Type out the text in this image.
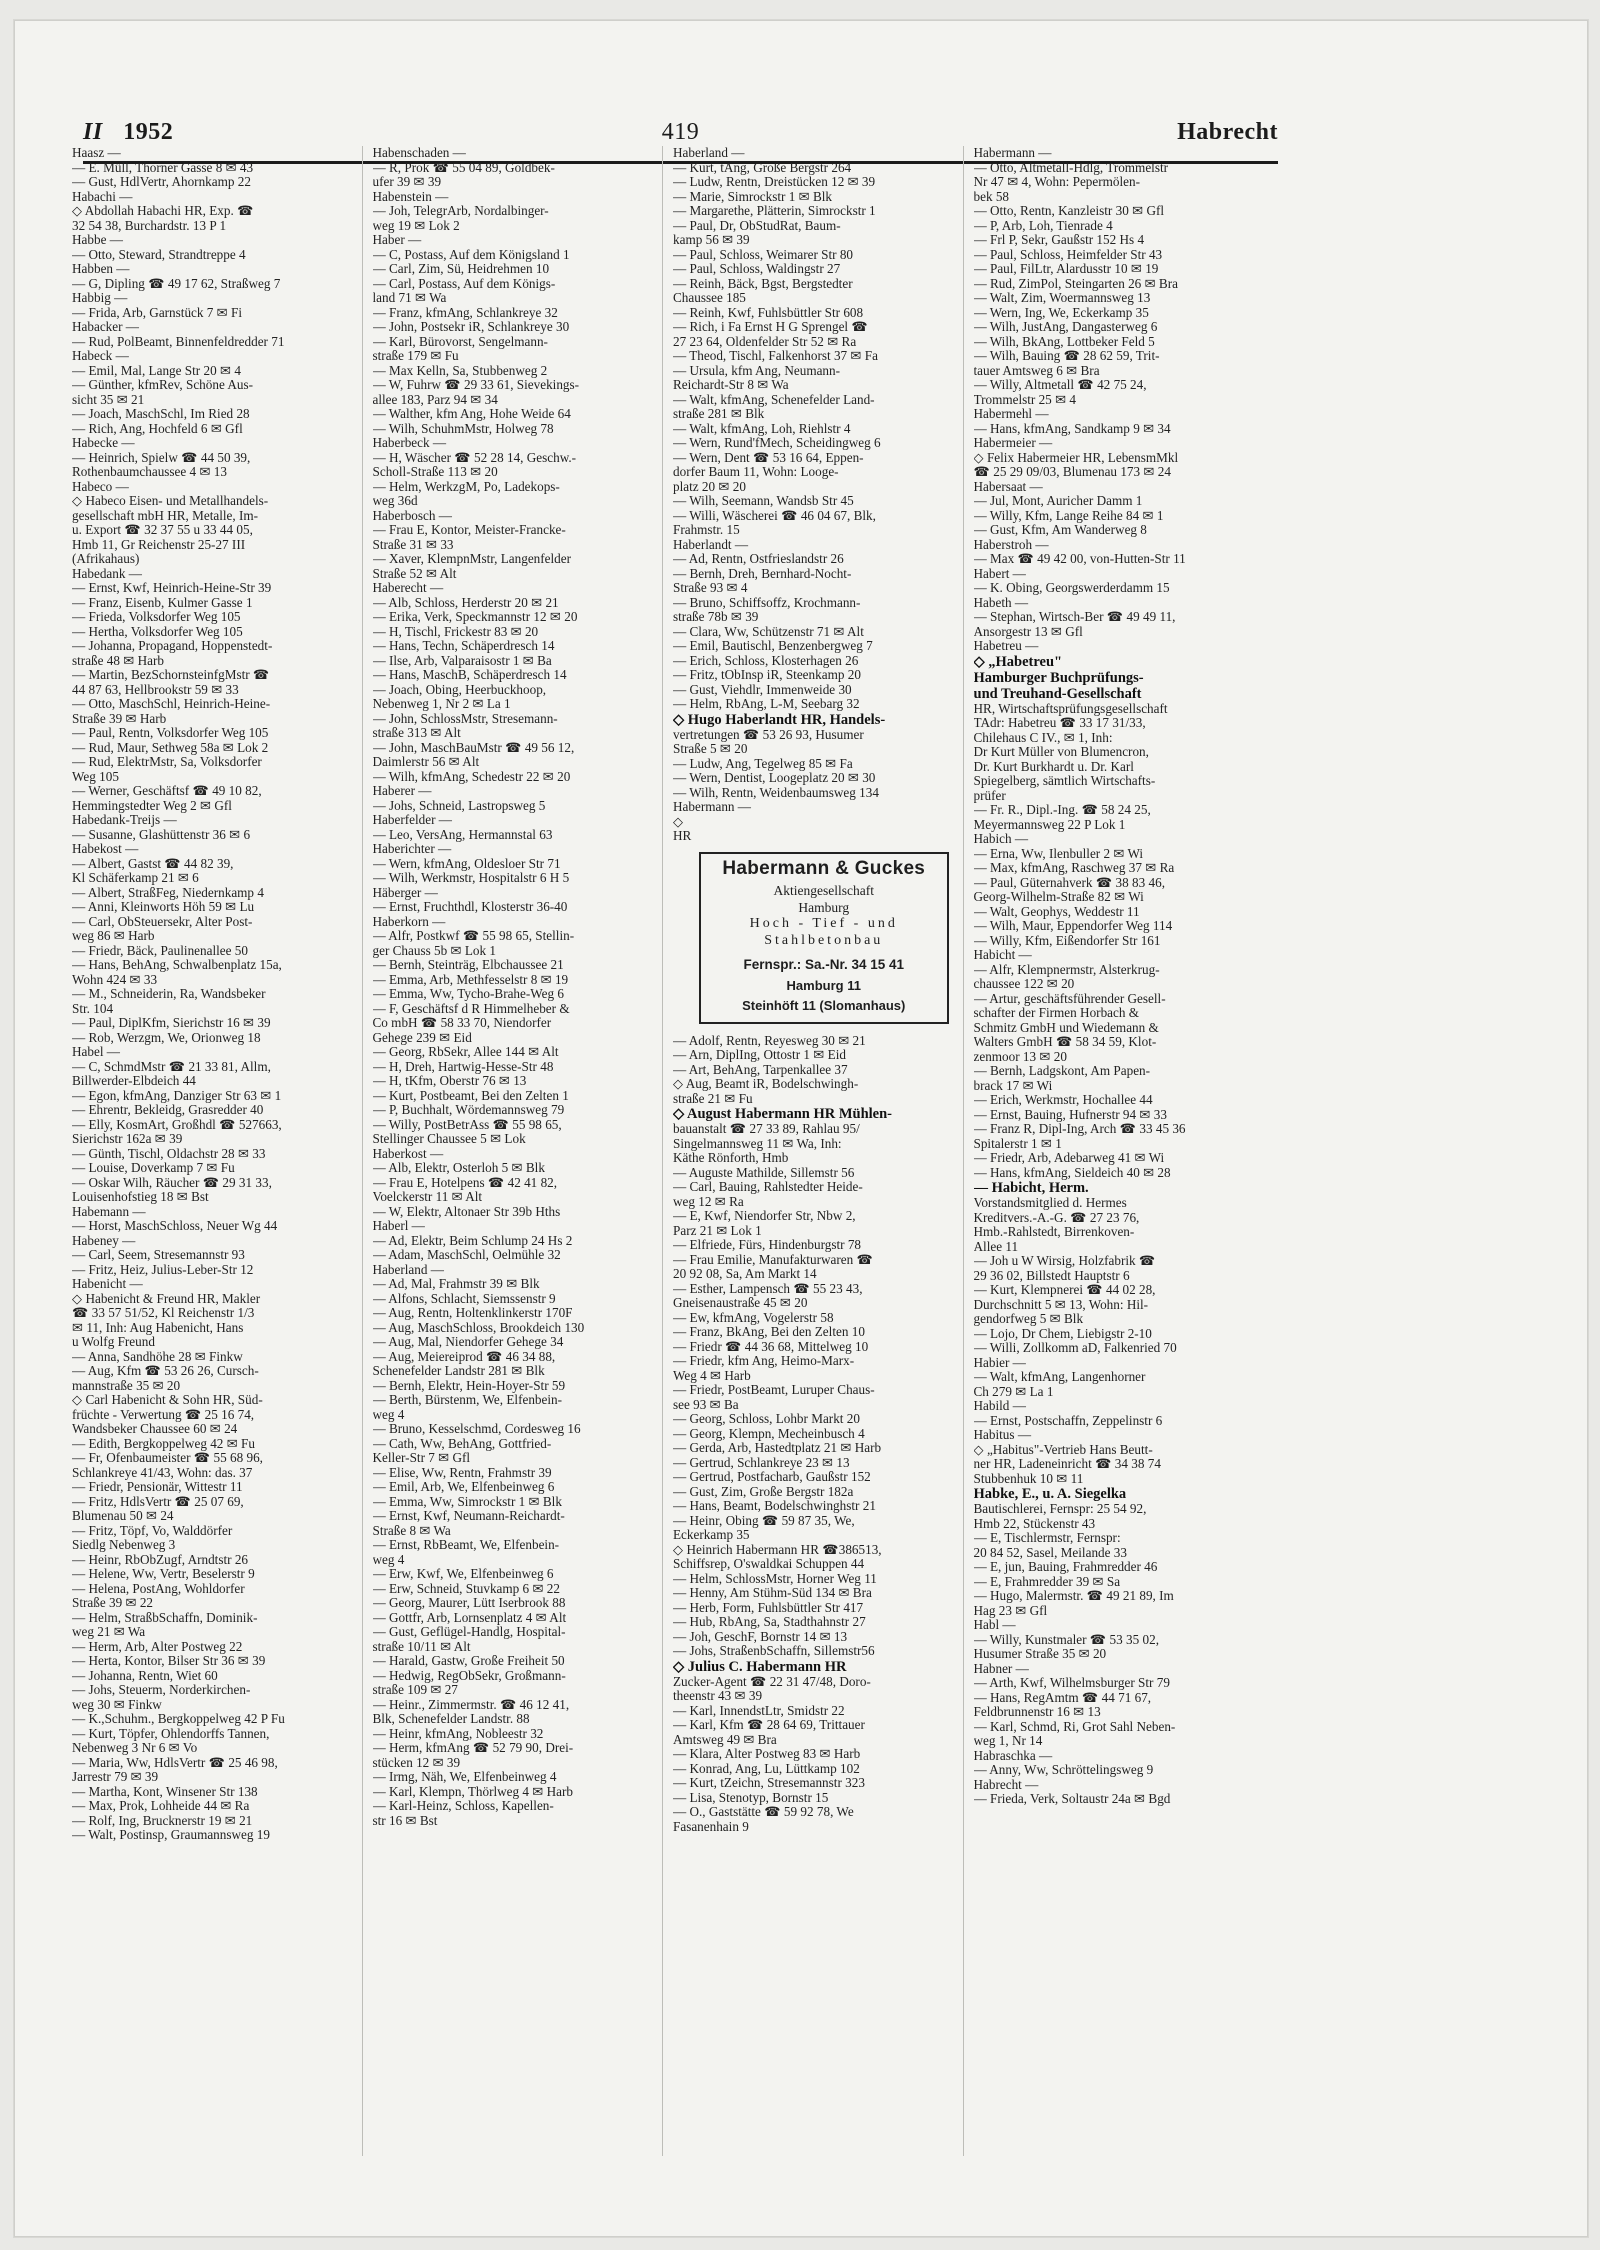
II 1952	419	Habrecht
Haasz —
— E. Müll, Thorner Gasse 8 ✉ 43
— Gust, HdlVertr, Ahornkamp 22
Habachi —
◇ Abdollah Habachi HR, Exp. ☎
32 54 38, Burchardstr. 13 P 1
Habbe —
— Otto, Steward, Strandtreppe 4
Habben —
— G, Dipling ☎ 49 17 62, Straßweg 7
Habbig —
— Frida, Arb, Garnstück 7 ✉ Fi
Habacker —
— Rud, PolBeamt, Binnenfeldredder 71
Habeck —
— Emil, Mal, Lange Str 20 ✉ 4
— Günther, kfmRev, Schöne Aus-
sicht 35 ✉ 21
— Joach, MaschSchl, Im Ried 28
— Rich, Ang, Hochfeld 6 ✉ Gfl
Habecke —
— Heinrich, Spielw ☎ 44 50 39,
Rothenbaumchaussee 4 ✉ 13
Habeco —
◇ Habeco Eisen- und Metallhandels-
gesellschaft mbH HR, Metalle, Im-
u. Export ☎ 32 37 55 u 33 44 05,
Hmb 11, Gr Reichenstr 25-27 III
(Afrikahaus)
Habedank —
— Ernst, Kwf, Heinrich-Heine-Str 39
— Franz, Eisenb, Kulmer Gasse 1
— Frieda, Volksdorfer Weg 105
— Hertha, Volksdorfer Weg 105
— Johanna, Propagand, Hoppenstedt-
straße 48 ✉ Harb
— Martin, BezSchornsteinfgMstr ☎
44 87 63, Hellbrookstr 59 ✉ 33
— Otto, MaschSchl, Heinrich-Heine-
Straße 39 ✉ Harb
— Paul, Rentn, Volksdorfer Weg 105
— Rud, Maur, Sethweg 58a ✉ Lok 2
— Rud, ElektrMstr, Sa, Volksdorfer
Weg 105
— Werner, Geschäftsf ☎ 49 10 82,
Hemmingstedter Weg 2 ✉ Gfl
Habedank-Treijs —
— Susanne, Glashüttenstr 36 ✉ 6
Habekost —
— Albert, Gastst ☎ 44 82 39,
Kl Schäferkamp 21 ✉ 6
— Albert, StraßFeg, Niedernkamp 4
— Anni, Kleinworts Höh 59 ✉ Lu
— Carl, ObSteuersekr, Alter Post-
weg 86 ✉ Harb
— Friedr, Bäck, Paulinenallee 50
— Hans, BehAng, Schwalbenplatz 15a,
Wohn 424 ✉ 33
— M., Schneiderin, Ra, Wandsbeker
Str. 104
— Paul, DiplKfm, Sierichstr 16 ✉ 39
— Rob, Werzgm, We, Orionweg 18
Habel —
— C, SchmdMstr ☎ 21 33 81, Allm,
Billwerder-Elbdeich 44
— Egon, kfmAng, Danziger Str 63 ✉ 1
— Ehrentr, Bekleidg, Grasredder 40
— Elly, KosmArt, Großhdl ☎ 527663,
Sierichstr 162a ✉ 39
— Günth, Tischl, Oldachstr 28 ✉ 33
— Louise, Doverkamp 7 ✉ Fu
— Oskar Wilh, Räucher ☎ 29 31 33,
Louisenhofstieg 18 ✉ Bst
Habemann —
— Horst, MaschSchloss, Neuer Wg 44
Habeney —
— Carl, Seem, Stresemannstr 93
— Fritz, Heiz, Julius-Leber-Str 12
Habenicht —
◇ Habenicht & Freund HR, Makler
☎ 33 57 51/52, Kl Reichenstr 1/3
✉ 11, Inh: Aug Habenicht, Hans
u Wolfg Freund
— Anna, Sandhöhe 28 ✉ Finkw
— Aug, Kfm ☎ 53 26 26, Cursch-
mannstraße 35 ✉ 20
◇ Carl Habenicht & Sohn HR, Süd-
früchte - Verwertung ☎ 25 16 74,
Wandsbeker Chaussee 60 ✉ 24
— Edith, Bergkoppelweg 42 ✉ Fu
— Fr, Ofenbaumeister ☎ 55 68 96,
Schlankreye 41/43, Wohn: das. 37
— Friedr, Pensionär, Wittestr 11
— Fritz, HdlsVertr ☎ 25 07 69,
Blumenau 50 ✉ 24
— Fritz, Töpf, Vo, Walddörfer
Siedlg Nebenweg 3
— Heinr, RbObZugf, Arndtstr 26
— Helene, Ww, Vertr, Beselerstr 9
— Helena, PostAng, Wohldorfer
Straße 39 ✉ 22
— Helm, StraßbSchaffn, Dominik-
weg 21 ✉ Wa
— Herm, Arb, Alter Postweg 22
— Herta, Kontor, Bilser Str 36 ✉ 39
— Johanna, Rentn, Wiet 60
— Johs, Steuerm, Norderkirchen-
weg 30 ✉ Finkw
— K.,Schuhm., Bergkoppelweg 42 P Fu
— Kurt, Töpfer, Ohlendorffs Tannen,
Nebenweg 3 Nr 6 ✉ Vo
— Maria, Ww, HdlsVertr ☎ 25 46 98,
Jarrestr 79 ✉ 39
— Martha, Kont, Winsener Str 138
— Max, Prok, Lohheide 44 ✉ Ra
— Rolf, Ing, Brucknerstr 19 ✉ 21
— Walt, Postinsp, Graumannsweg 19
Habenschaden —
— R, Prok ☎ 55 04 89, Goldbek-
ufer 39 ✉ 39
Habenstein —
— Joh, TelegrArb, Nordalbinger-
weg 19 ✉ Lok 2
Haber —
— C, Postass, Auf dem Königsland 1
— Carl, Zim, Sü, Heidrehmen 10
— Carl, Postass, Auf dem Königs-
land 71 ✉ Wa
— Franz, kfmAng, Schlankreye 32
— John, Postsekr iR, Schlankreye 30
— Karl, Bürovorst, Sengelmann-
straße 179 ✉ Fu
— Max Kelln, Sa, Stubbenweg 2
— W, Fuhrw ☎ 29 33 61, Sievekings-
allee 183, Parz 94 ✉ 34
— Walther, kfm Ang, Hohe Weide 64
— Wilh, SchuhmMstr, Holweg 78
Haberbeck —
— H, Wäscher ☎ 52 28 14, Geschw.-
Scholl-Straße 113 ✉ 20
— Helm, WerkzgM, Po, Ladekops-
weg 36d
Haberbosch —
— Frau E, Kontor, Meister-Francke-
Straße 31 ✉ 33
— Xaver, KlempnMstr, Langenfelder
Straße 52 ✉ Alt
Haberecht —
— Alb, Schloss, Herderstr 20 ✉ 21
— Erika, Verk, Speckmannstr 12 ✉ 20
— H, Tischl, Frickestr 83 ✉ 20
— Hans, Techn, Schäperdresch 14
— Ilse, Arb, Valparaisostr 1 ✉ Ba
— Hans, MaschB, Schäperdresch 14
— Joach, Obing, Heerbuckhoop,
Nebenweg 1, Nr 2 ✉ La 1
— John, SchlossMstr, Stresemann-
straße 313 ✉ Alt
— John, MaschBauMstr ☎ 49 56 12,
Daimlerstr 56 ✉ Alt
— Wilh, kfmAng, Schedestr 22 ✉ 20
Haberer —
— Johs, Schneid, Lastropsweg 5
Haberfelder —
— Leo, VersAng, Hermannstal 63
Haberichter —
— Wern, kfmAng, Oldesloer Str 71
— Wilh, Werkmstr, Hospitalstr 6 H 5
Häberger —
— Ernst, Fruchthdl, Klosterstr 36-40
Haberkorn —
— Alfr, Postkwf ☎ 55 98 65, Stellin-
ger Chauss 5b ✉ Lok 1
— Bernh, Steinträg, Elbchaussee 21
— Emma, Arb, Methfesselstr 8 ✉ 19
— Emma, Ww, Tycho-Brahe-Weg 6
— F, Geschäftsf d R Himmelheber &
Co mbH ☎ 58 33 70, Niendorfer
Gehege 239 ✉ Eid
— Georg, RbSekr, Allee 144 ✉ Alt
— H, Dreh, Hartwig-Hesse-Str 48
— H, tKfm, Oberstr 76 ✉ 13
— Kurt, Postbeamt, Bei den Zelten 1
— P, Buchhalt, Wördemannsweg 79
— Willy, PostBetrAss ☎ 55 98 65,
Stellinger Chaussee 5 ✉ Lok
Haberkost —
— Alb, Elektr, Osterloh 5 ✉ Blk
— Frau E, Hotelpens ☎ 42 41 82,
Voelckerstr 11 ✉ Alt
— W, Elektr, Altonaer Str 39b Hths
Haberl —
— Ad, Elektr, Beim Schlump 24 Hs 2
— Adam, MaschSchl, Oelmühle 32
Haberland —
— Ad, Mal, Frahmstr 39 ✉ Blk
— Alfons, Schlacht, Siemssenstr 9
— Aug, Rentn, Holtenklinkerstr 170F
— Aug, MaschSchloss, Brookdeich 130
— Aug, Mal, Niendorfer Gehege 34
— Aug, Meiereiprod ☎ 46 34 88,
Schenefelder Landstr 281 ✉ Blk
— Bernh, Elektr, Hein-Hoyer-Str 59
— Berth, Bürstenm, We, Elfenbein-
weg 4
— Bruno, Kesselschmd, Cordesweg 16
— Cath, Ww, BehAng, Gottfried-
Keller-Str 7 ✉ Gfl
— Elise, Ww, Rentn, Frahmstr 39
— Emil, Arb, We, Elfenbeinweg 6
— Emma, Ww, Simrockstr 1 ✉ Blk
— Ernst, Kwf, Neumann-Reichardt-
Straße 8 ✉ Wa
— Ernst, RbBeamt, We, Elfenbein-
weg 4
— Erw, Kwf, We, Elfenbeinweg 6
— Erw, Schneid, Stuvkamp 6 ✉ 22
— Georg, Maurer, Lütt Iserbrook 88
— Gottfr, Arb, Lornsenplatz 4 ✉ Alt
— Gust, Geflügel-Handlg, Hospital-
straße 10/11 ✉ Alt
— Harald, Gastw, Große Freiheit 50
— Hedwig, RegObSekr, Großmann-
straße 109 ✉ 27
— Heinr., Zimmermstr. ☎ 46 12 41,
Blk, Schenefelder Landstr. 88
— Heinr, kfmAng, Nobleestr 32
— Herm, kfmAng ☎ 52 79 90, Drei-
stücken 12 ✉ 39
— Irmg, Näh, We, Elfenbeinweg 4
— Karl, Klempn, Thörlweg 4 ✉ Harb
— Karl-Heinz, Schloss, Kapellen-
str 16 ✉ Bst
Haberland —
— Kurt, tAng, Große Bergstr 264
— Ludw, Rentn, Dreistücken 12 ✉ 39
— Marie, Simrockstr 1 ✉ Blk
— Margarethe, Plätterin, Simrockstr 1
— Paul, Dr, ObStudRat, Baum-
kamp 56 ✉ 39
— Paul, Schloss, Weimarer Str 80
— Paul, Schloss, Waldingstr 27
— Reinh, Bäck, Bgst, Bergstedter
Chaussee 185
— Reinh, Kwf, Fuhlsbüttler Str 608
— Rich, i Fa Ernst H G Sprengel ☎
27 23 64, Oldenfelder Str 52 ✉ Ra
— Theod, Tischl, Falkenhorst 37 ✉ Fa
— Ursula, kfm Ang, Neumann-
Reichardt-Str 8 ✉ Wa
— Walt, kfmAng, Schenefelder Land-
straße 281 ✉ Blk
— Walt, kfmAng, Loh, Riehlstr 4
— Wern, Rund'fMech, Scheidingweg 6
— Wern, Dent ☎ 53 16 64, Eppen-
dorfer Baum 11, Wohn: Looge-
platz 20 ✉ 20
— Wilh, Seemann, Wandsb Str 45
— Willi, Wäscherei ☎ 46 04 67, Blk,
Frahmstr. 15
Haberlandt —
— Ad, Rentn, Ostfrieslandstr 26
— Bernh, Dreh, Bernhard-Nocht-
Straße 93 ✉ 4
— Bruno, Schiffsoffz, Krochmann-
straße 78b ✉ 39
— Clara, Ww, Schützenstr 71 ✉ Alt
— Emil, Bautischl, Benzenbergweg 7
— Erich, Schloss, Klosterhagen 26
— Fritz, tObInsp iR, Steenkamp 20
— Gust, Viehdlr, Immenweide 30
— Helm, RbAng, L-M, Seebarg 32
◇ Hugo Haberlandt HR, Handels-
vertretungen ☎ 53 26 93, Husumer
Straße 5 ✉ 20
— Ludw, Ang, Tegelweg 85 ✉ Fa
— Wern, Dentist, Loogeplatz 20 ✉ 30
— Wilh, Rentn, Weidenbaumsweg 134
Habermann —
◇
HR
Habermann & Guckes
Aktiengesellschaft
Hamburg
Hoch - Tief - und
Stahlbetonbau
Fernspr.: Sa.-Nr. 34 15 41
Hamburg 11
Steinhöft 11 (Slomanhaus)
— Adolf, Rentn, Reyesweg 30 ✉ 21
— Arn, DiplIng, Ottostr 1 ✉ Eid
— Art, BehAng, Tarpenkallee 37
◇ Aug, Beamt iR, Bodelschwingh-
straße 21 ✉ Fu
◇ August Habermann HR Mühlen-
bauanstalt ☎ 27 33 89, Rahlau 95/
Singelmannsweg 11 ✉ Wa, Inh:
Käthe Rönforth, Hmb
— Auguste Mathilde, Sillemstr 56
— Carl, Bauing, Rahlstedter Heide-
weg 12 ✉ Ra
— E, Kwf, Niendorfer Str, Nbw 2,
Parz 21 ✉ Lok 1
— Elfriede, Fürs, Hindenburgstr 78
— Frau Emilie, Manufakturwaren ☎
20 92 08, Sa, Am Markt 14
— Esther, Lampensch ☎ 55 23 43,
Gneisenaustraße 45 ✉ 20
— Ew, kfmAng, Vogelerstr 58
— Franz, BkAng, Bei den Zelten 10
— Friedr ☎ 44 36 68, Mittelweg 10
— Friedr, kfm Ang, Heimo-Marx-
Weg 4 ✉ Harb
— Friedr, PostBeamt, Luruper Chaus-
see 93 ✉ Ba
— Georg, Schloss, Lohbr Markt 20
— Georg, Klempn, Mecheinbusch 4
— Gerda, Arb, Hastedtplatz 21 ✉ Harb
— Gertrud, Schlankreye 23 ✉ 13
— Gertrud, Postfacharb, Gaußstr 152
— Gust, Zim, Große Bergstr 182a
— Hans, Beamt, Bodelschwinghstr 21
— Heinr, Obing ☎ 59 87 35, We,
Eckerkamp 35
◇ Heinrich Habermann HR ☎386513,
Schiffsrep, O'swaldkai Schuppen 44
— Helm, SchlossMstr, Horner Weg 11
— Henny, Am Stühm-Süd 134 ✉ Bra
— Herb, Form, Fuhlsbüttler Str 417
— Hub, RbAng, Sa, Stadthahnstr 27
— Joh, GeschF, Bornstr 14 ✉ 13
— Johs, StraßenbSchaffn, Sillemstr56
◇ Julius C. Habermann HR
Zucker-Agent ☎ 22 31 47/48, Doro-
theenstr 43 ✉ 39
— Karl, InnendstLtr, Smidstr 22
— Karl, Kfm ☎ 28 64 69, Trittauer
Amtsweg 49 ✉ Bra
— Klara, Alter Postweg 83 ✉ Harb
— Konrad, Ang, Lu, Lüttkamp 102
— Kurt, tZeichn, Stresemannstr 323
— Lisa, Stenotyp, Bornstr 15
— O., Gaststätte ☎ 59 92 78, We
Fasanenhain 9
Habermann —
— Otto, Altmetall-Hdlg, Trommelstr
Nr 47 ✉ 4, Wohn: Pepermölen-
bek 58
— Otto, Rentn, Kanzleistr 30 ✉ Gfl
— P, Arb, Loh, Tienrade 4
— Frl P, Sekr, Gaußstr 152 Hs 4
— Paul, Schloss, Heimfelder Str 43
— Paul, FilLtr, Alardusstr 10 ✉ 19
— Rud, ZimPol, Steingarten 26 ✉ Bra
— Walt, Zim, Woermannsweg 13
— Wern, Ing, We, Eckerkamp 35
— Wilh, JustAng, Dangasterweg 6
— Wilh, BkAng, Lottbeker Feld 5
— Wilh, Bauing ☎ 28 62 59, Trit-
tauer Amtsweg 6 ✉ Bra
— Willy, Altmetall ☎ 42 75 24,
Trommelstr 25 ✉ 4
Habermehl —
— Hans, kfmAng, Sandkamp 9 ✉ 34
Habermeier —
◇ Felix Habermeier HR, LebensmMkl
☎ 25 29 09/03, Blumenau 173 ✉ 24
Habersaat —
— Jul, Mont, Auricher Damm 1
— Willy, Kfm, Lange Reihe 84 ✉ 1
— Gust, Kfm, Am Wanderweg 8
Haberstroh —
— Max ☎ 49 42 00, von-Hutten-Str 11
Habert —
— K. Obing, Georgswerderdamm 15
Habeth —
— Stephan, Wirtsch-Ber ☎ 49 49 11,
Ansorgestr 13 ✉ Gfl
Habetreu —
◇ „Habetreu"
Hamburger Buchprüfungs-
und Treuhand-Gesellschaft
HR, Wirtschaftsprüfungsgesellschaft
TAdr: Habetreu ☎ 33 17 31/33,
Chilehaus C IV., ✉ 1, Inh:
Dr Kurt Müller von Blumencron,
Dr. Kurt Burkhardt u. Dr. Karl
Spiegelberg, sämtlich Wirtschafts-
prüfer
— Fr. R., Dipl.-Ing. ☎ 58 24 25,
Meyermannsweg 22 P Lok 1
Habich —
— Erna, Ww, Ilenbuller 2 ✉ Wi
— Max, kfmAng, Raschweg 37 ✉ Ra
— Paul, Güternahverk ☎ 38 83 46,
Georg-Wilhelm-Straße 82 ✉ Wi
— Walt, Geophys, Weddestr 11
— Wilh, Maur, Eppendorfer Weg 114
— Willy, Kfm, Eißendorfer Str 161
Habicht —
— Alfr, Klempnermstr, Alsterkrug-
chaussee 122 ✉ 20
— Artur, geschäftsführender Gesell-
schafter der Firmen Horbach &
Schmitz GmbH und Wiedemann &
Walters GmbH ☎ 58 34 59, Klot-
zenmoor 13 ✉ 20
— Bernh, Ladgskont, Am Papen-
brack 17 ✉ Wi
— Erich, Werkmstr, Hochallee 44
— Ernst, Bauing, Hufnerstr 94 ✉ 33
— Franz R, Dipl-Ing, Arch ☎ 33 45 36
Spitalerstr 1 ✉ 1
— Friedr, Arb, Adebarweg 41 ✉ Wi
— Hans, kfmAng, Sieldeich 40 ✉ 28
— Habicht, Herm.
Vorstandsmitglied d. Hermes
Kreditvers.-A.-G. ☎ 27 23 76,
Hmb.-Rahlstedt, Birrenkoven-
Allee 11
— Joh u W Wirsig, Holzfabrik ☎
29 36 02, Billstedt Hauptstr 6
— Kurt, Klempnerei ☎ 44 02 28,
Durchschnitt 5 ✉ 13, Wohn: Hil-
gendorfweg 5 ✉ Blk
— Lojo, Dr Chem, Liebigstr 2-10
— Willi, Zollkomm aD, Falkenried 70
Habier —
— Walt, kfmAng, Langenhorner
Ch 279 ✉ La 1
Habild —
— Ernst, Postschaffn, Zeppelinstr 6
Habitus —
◇ „Habitus"-Vertrieb Hans Beutt-
ner HR, Ladeneinricht ☎ 34 38 74
Stubbenhuk 10 ✉ 11
Habke, E., u. A. Siegelka
Bautischlerei, Fernspr: 25 54 92,
Hmb 22, Stückenstr 43
— E, Tischlermstr, Fernspr:
20 84 52, Sasel, Meilande 33
— E, jun, Bauing, Frahmredder 46
— E, Frahmredder 39 ✉ Sa
— Hugo, Malermstr. ☎ 49 21 89, Im
Hag 23 ✉ Gfl
Habl —
— Willy, Kunstmaler ☎ 53 35 02,
Husumer Straße 35 ✉ 20
Habner —
— Arth, Kwf, Wilhelmsburger Str 79
— Hans, RegAmtm ☎ 44 71 67,
Feldbrunnenstr 16 ✉ 13
— Karl, Schmd, Ri, Grot Sahl Neben-
weg 1, Nr 14
Habraschka —
— Anny, Ww, Schröttelingsweg 9
Habrecht —
— Frieda, Verk, Soltaustr 24a ✉ Bgd
